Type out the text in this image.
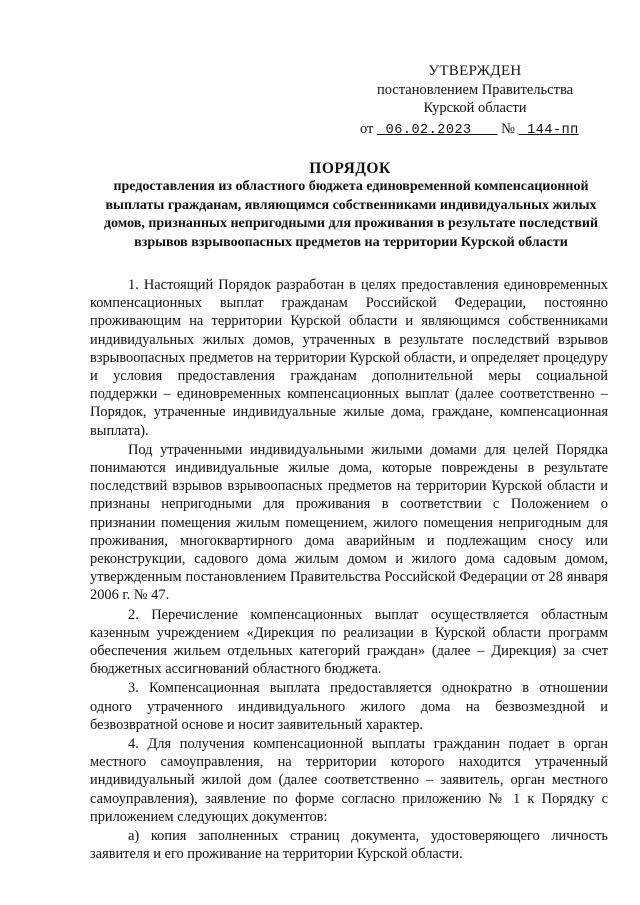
УТВЕРЖДЕН
постановлением Правительства
Курской области
от 06.02.2023 № 144-пп
ПОРЯДОК
предоставления из областного бюджета единовременной компенсационной выплаты гражданам, являющимся собственниками индивидуальных жилых домов, признанных непригодными для проживания в результате последствий взрывов взрывоопасных предметов на территории Курской области

1. Настоящий Порядок разработан в целях предоставления единовременных компенсационных выплат гражданам Российской Федерации, постоянно проживающим на территории Курской области и являющимся собственниками индивидуальных жилых домов, утраченных в результате последствий взрывов взрывоопасных предметов на территории Курской области, и определяет процедуру и условия предоставления гражданам дополнительной меры социальной поддержки – единовременных компенсационных выплат (далее соответственно – Порядок, утраченные индивидуальные жилые дома, граждане, компенсационная выплата).

Под утраченными индивидуальными жилыми домами для целей Порядка понимаются индивидуальные жилые дома, которые повреждены в результате последствий взрывов взрывоопасных предметов на территории Курской области и признаны непригодными для проживания в соответствии с Положением о признании помещения жилым помещением, жилого помещения непригодным для проживания, многоквартирного дома аварийным и подлежащим сносу или реконструкции, садового дома жилым домом и жилого дома садовым домом, утвержденным постановлением Правительства Российской Федерации от 28 января 2006 г. № 47.

2. Перечисление компенсационных выплат осуществляется областным казенным учреждением «Дирекция по реализации в Курской области программ обеспечения жильем отдельных категорий граждан» (далее – Дирекция) за счет бюджетных ассигнований областного бюджета.

3. Компенсационная выплата предоставляется однократно в отношении одного утраченного индивидуального жилого дома на безвозмездной и безвозвратной основе и носит заявительный характер.

4. Для получения компенсационной выплаты гражданин подает в орган местного самоуправления, на территории которого находится утраченный индивидуальный жилой дом (далее соответственно – заявитель, орган местного самоуправления), заявление по форме согласно приложению № 1 к Порядку с приложением следующих документов:

а) копия заполненных страниц документа, удостоверяющего личность заявителя и его проживание на территории Курской области.
